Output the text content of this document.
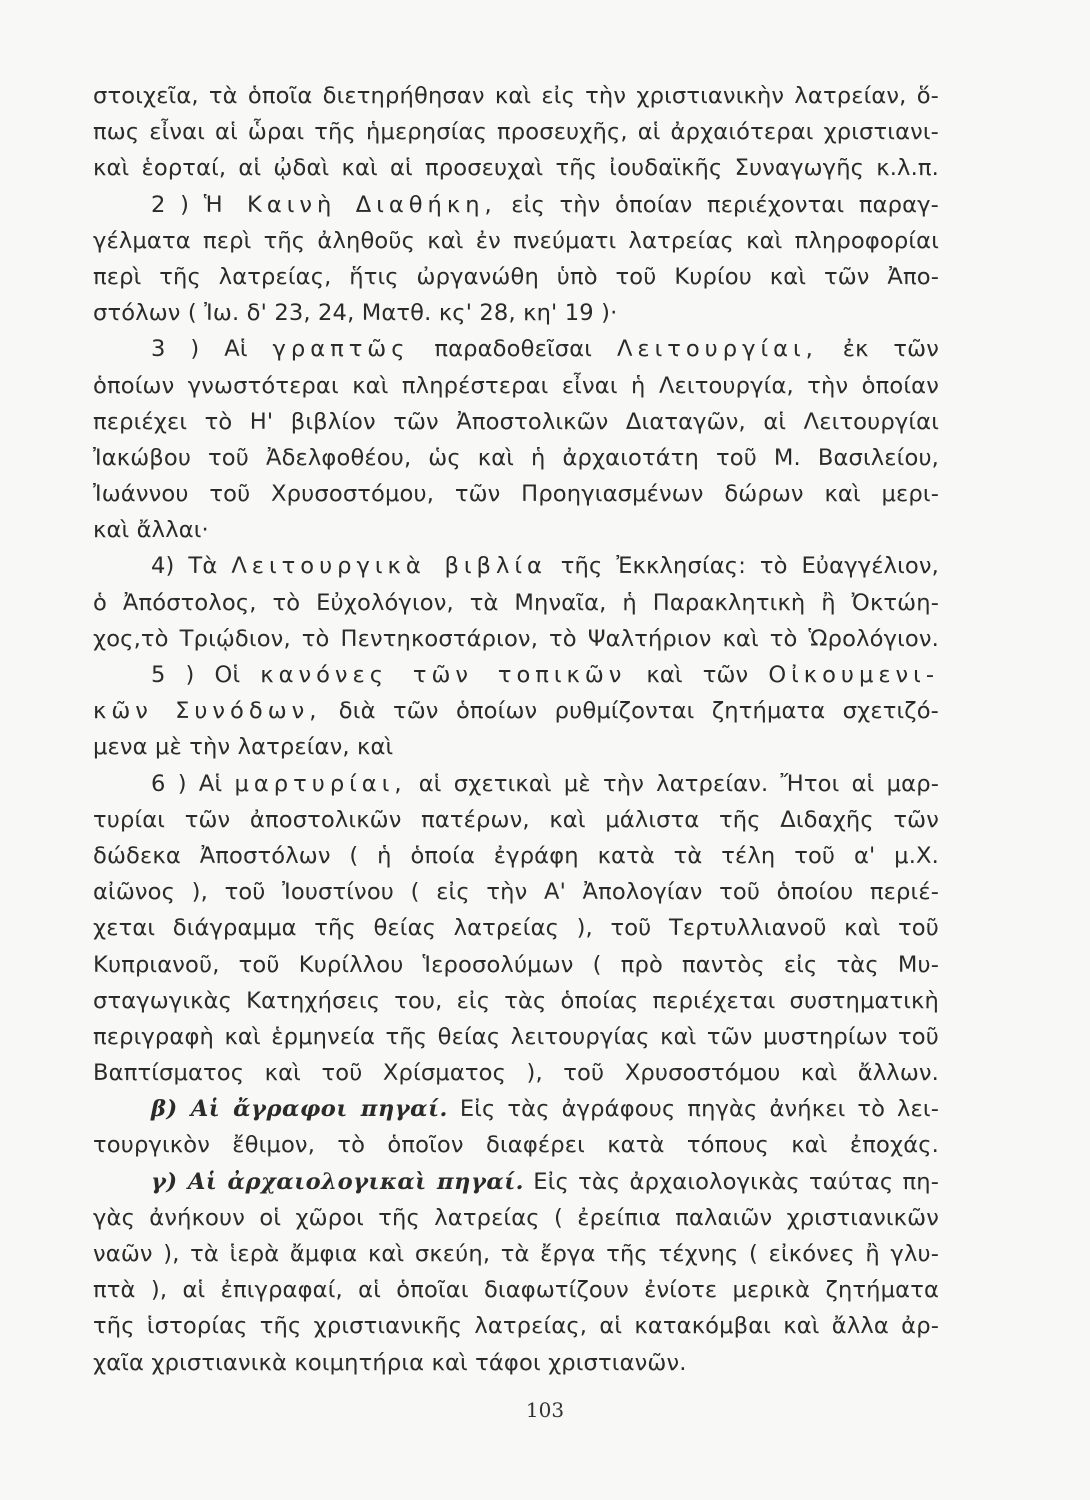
στοιχεῖα, τὰ ὁποῖα διετηρήθησαν καὶ εἰς τὴν χριστιανικὴν λατρείαν, ὅ-
πως εἶναι αἱ ὧραι τῆς ἡμερησίας προσευχῆς, αἱ ἀρχαιότεραι χριστιανι-
καὶ ἑορταί, αἱ ᾠδαὶ καὶ αἱ προσευχαὶ τῆς ἰουδαϊκῆς Συναγωγῆς κ.λ.π.
2 ) Ἡ Καινὴ Διαθήκη, εἰς τὴν ὁποίαν περιέχονται παραγ-
γέλματα περὶ τῆς ἀληθοῦς καὶ ἐν πνεύματι λατρείας καὶ πληροφορίαι
περὶ τῆς λατρείας, ἥτις ὠργανώθη ὑπὸ τοῦ Κυρίου καὶ τῶν Ἀπο-
στόλων ( Ἰω. δ' 23, 24, Ματθ. κς' 28, κη' 19 )·
3 ) Αἱ γραπτῶς παραδοθεῖσαι Λειτουργίαι, ἐκ τῶν
ὁποίων γνωστότεραι καὶ πληρέστεραι εἶναι ἡ Λειτουργία, τὴν ὁποίαν
περιέχει τὸ Η' βιβλίον τῶν Ἀποστολικῶν Διαταγῶν, αἱ Λειτουργίαι
Ἰακώβου τοῦ Ἀδελφοθέου, ὡς καὶ ἡ ἀρχαιοτάτη τοῦ Μ. Βασιλείου,
Ἰωάννου τοῦ Χρυσοστόμου, τῶν Προηγιασμένων δώρων καὶ μερι-
καὶ ἄλλαι·
4) Τὰ Λειτουργικὰ βιβλία τῆς Ἐκκλησίας: τὸ Εὐαγγέλιον,
ὁ Ἀπόστολος, τὸ Εὐχολόγιον, τὰ Μηναῖα, ἡ Παρακλητικὴ ἢ Ὀκτώη-
χος,τὸ Τριῴδιον, τὸ Πεντηκοστάριον, τὸ Ψαλτήριον καὶ τὸ Ὡρολόγιον.
5 ) Οἱ κανόνες τῶν τοπικῶν καὶ τῶν Οἰκουμενι-
κῶν Συνόδων, διὰ τῶν ὁποίων ρυθμίζονται ζητήματα σχετιζό-
μενα μὲ τὴν λατρείαν, καὶ
6 ) Αἱ μαρτυρίαι, αἱ σχετικαὶ μὲ τὴν λατρείαν. Ἤτοι αἱ μαρ-
τυρίαι τῶν ἀποστολικῶν πατέρων, καὶ μάλιστα τῆς Διδαχῆς τῶν
δώδεκα Ἀποστόλων ( ἡ ὁποία ἐγράφη κατὰ τὰ τέλη τοῦ α' μ.Χ.
αἰῶνος ), τοῦ Ἰουστίνου ( εἰς τὴν Α' Ἀπολογίαν τοῦ ὁποίου περιέ-
χεται διάγραμμα τῆς θείας λατρείας ), τοῦ Τερτυλλιανοῦ καὶ τοῦ
Κυπριανοῦ, τοῦ Κυρίλλου Ἱεροσολύμων ( πρὸ παντὸς εἰς τὰς Μυ-
σταγωγικὰς Κατηχήσεις του, εἰς τὰς ὁποίας περιέχεται συστηματικὴ
περιγραφὴ καὶ ἑρμηνεία τῆς θείας λειτουργίας καὶ τῶν μυστηρίων τοῦ
Βαπτίσματος καὶ τοῦ Χρίσματος ), τοῦ Χρυσοστόμου καὶ ἄλλων.
β) Αἱ ἄγραφοι πηγαί. Εἰς τὰς ἀγράφους πηγὰς ἀνήκει τὸ λει-
τουργικὸν ἔθιμον, τὸ ὁποῖον διαφέρει κατὰ τόπους καὶ ἐποχάς.
γ) Αἱ ἀρχαιολογικαὶ πηγαί. Εἰς τὰς ἀρχαιολογικὰς ταύτας πη-
γὰς ἀνήκουν οἱ χῶροι τῆς λατρείας ( ἐρείπια παλαιῶν χριστιανικῶν
ναῶν ), τὰ ἱερὰ ἄμφια καὶ σκεύη, τὰ ἔργα τῆς τέχνης ( εἰκόνες ἢ γλυ-
πτὰ ), αἱ ἐπιγραφαί, αἱ ὁποῖαι διαφωτίζουν ἐνίοτε μερικὰ ζητήματα
τῆς ἱστορίας τῆς χριστιανικῆς λατρείας, αἱ κατακόμβαι καὶ ἄλλα ἀρ-
χαῖα χριστιανικὰ κοιμητήρια καὶ τάφοι χριστιανῶν.
103
